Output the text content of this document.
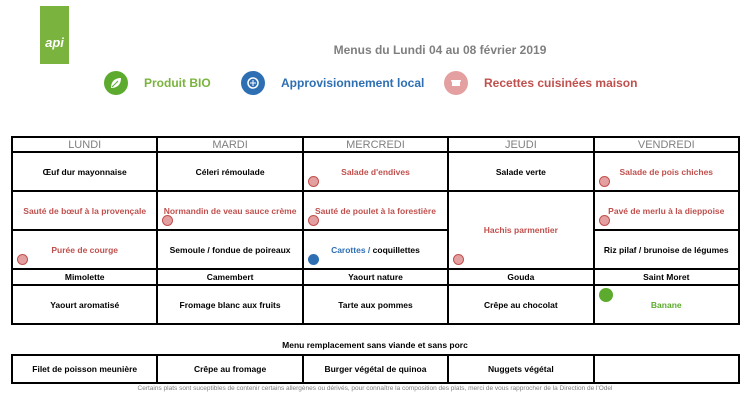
api	Menus du Lundi 04 au 08 février 2019
Produit BIO	Approvisionnement local	Recettes cuisinées maison
LUNDI	MARDI	MERCREDI	JEUDI	VENDREDI
Œuf dur mayonnaise	Céleri rémoulade	Salade d'endives	Salade verte	Salade de pois chiches

Sauté de bœuf à la provençale	Normandin de veau sauce crème	Sauté de poulet à la forestière	Hachis parmentier	Pavé de merlu à la dieppoise

Purée de courge	Semoule / fondue de poireaux	Carottes / coquillettes		Riz pilaf / brunoise de légumes
Mimolette	Camembert	Yaourt nature	Gouda	Saint Moret
Yaourt aromatisé	Fromage blanc aux fruits	Tarte aux pommes	Crêpe au chocolat	Banane
Menu remplacement sans viande et sans porc
Filet de poisson meunière	Crêpe au fromage	Burger végétal de quinoa	Nuggets végétal	
Certains plats sont suceptibles de contenir certains allergènes ou dérivés, pour connaître la composition des plats, merci de vous rapprocher de la Direction de l'Odel
